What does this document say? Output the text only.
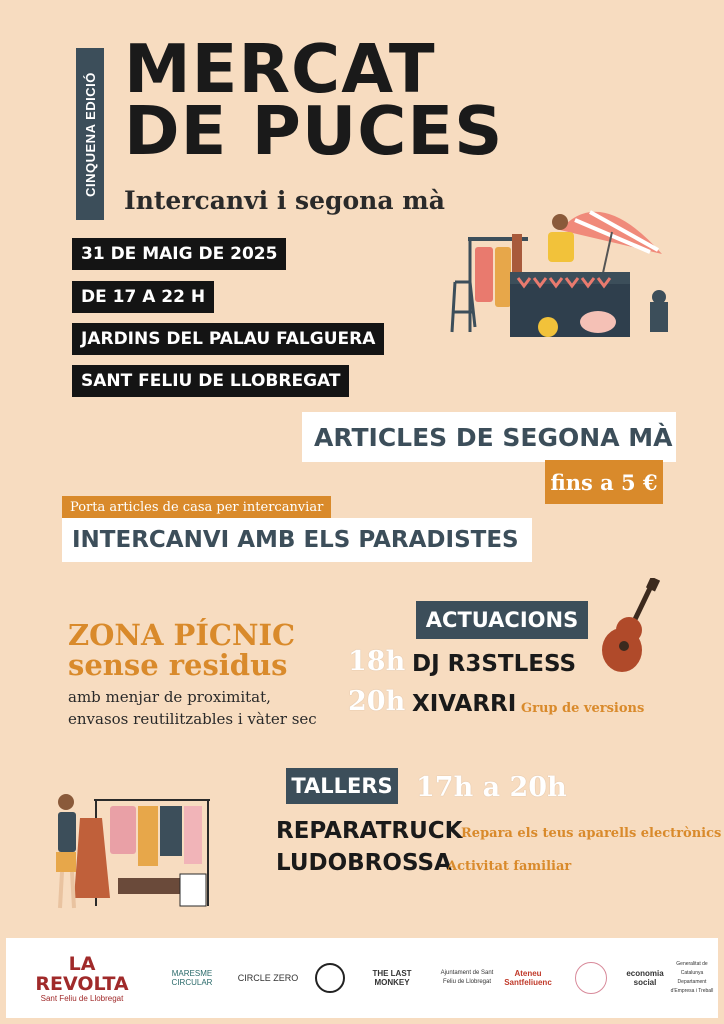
CINQUENA EDICIÓ
MERCAT
DE PUCES
Intercanvi i segona mà
31 DE MAIG DE 2025
DE 17 A 22 H
JARDINS DEL PALAU FALGUERA
SANT FELIU DE LLOBREGAT
ARTICLES DE SEGONA MÀ
fins a 5 €
Porta articles de casa per intercanviar
INTERCANVI AMB ELS PARADISTES
ZONA PÍCNIC
sense residus
amb menjar de proximitat,
envasos reutilitzables i vàter sec
ACTUACIONS
18h DJ R3STLESS
20h XIVARRI Grup de versions
TALLERS 17h a 20h
REPARATRUCK
Repara els teus aparells electrònics
LUDOBROSSA
Activitat familiar
LA REVOLTA
Sant Feliu de Llobregat
MARESME CIRCULAR	CIRCLE ZERO	THE LAST MONKEY
Ajuntament de Sant Feliu de Llobregat
Ateneu Santfeliuenc
economia social
Generalitat de Catalunya Departament d'Empresa i Treball
